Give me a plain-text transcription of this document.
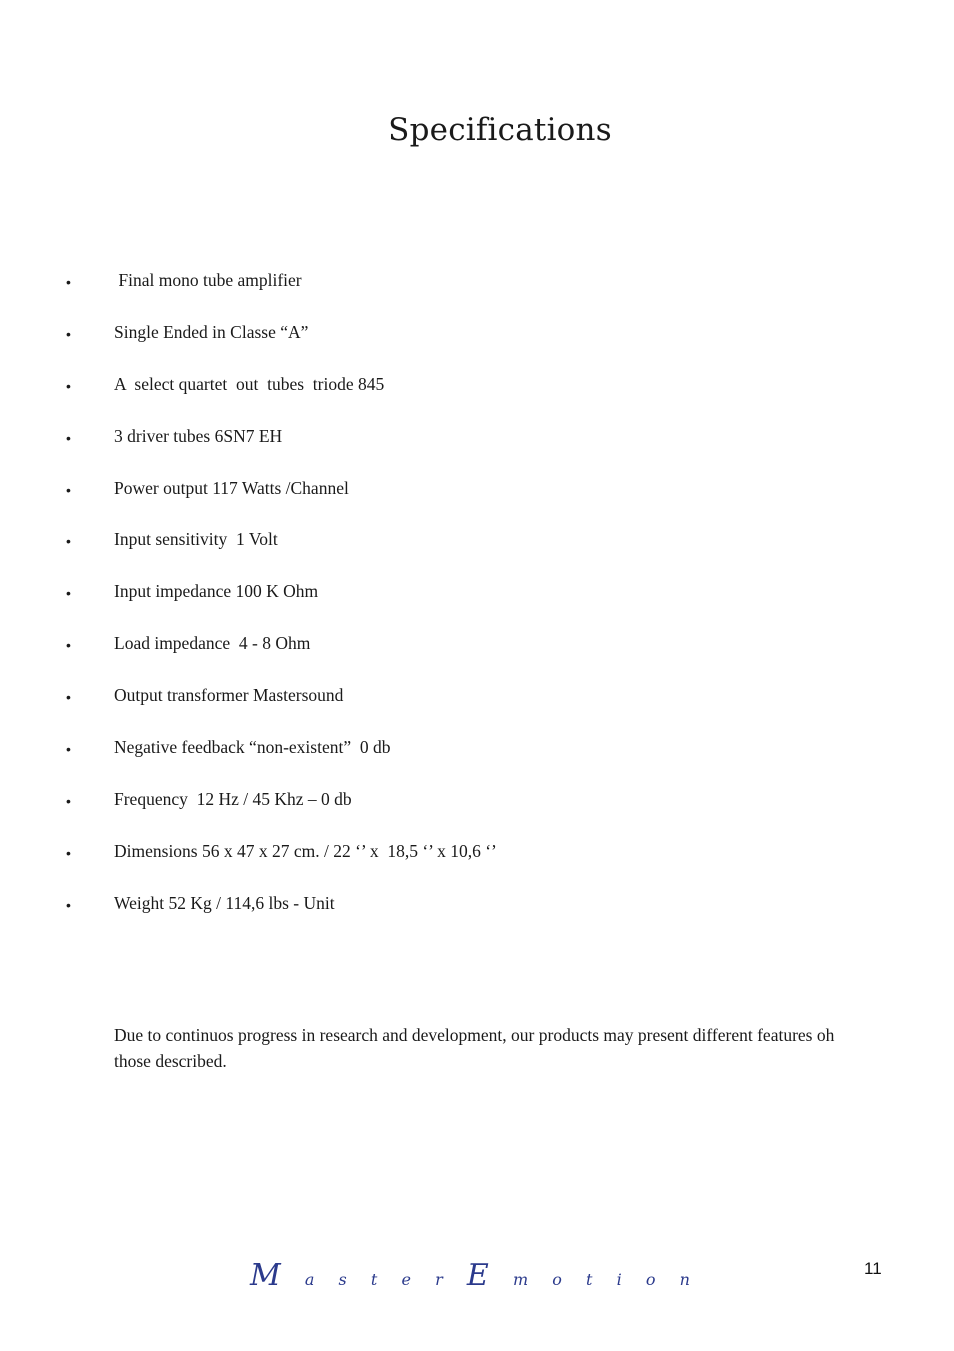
Specifications
• Final mono tube amplifier
• Single Ended in Classe “A”
• A  select quartet  out  tubes  triode 845
• 3 driver tubes 6SN7 EH
• Power output 117 Watts /Channel
• Input sensitivity  1 Volt
• Input impedance 100 K Ohm
• Load impedance  4 - 8 Ohm
• Output transformer Mastersound
• Negative feedback “non-existent”  0 db
• Frequency  12 Hz / 45 Khz – 0 db
• Dimensions 56 x 47 x 27 cm. / 22 ‘’ x  18,5 ‘’ x 10,6 ‘’
• Weight 52 Kg / 114,6 lbs - Unit

Due to continuos progress in research and development, our products may present different features oh those described.

M a s t e r E m o t i o n
11
